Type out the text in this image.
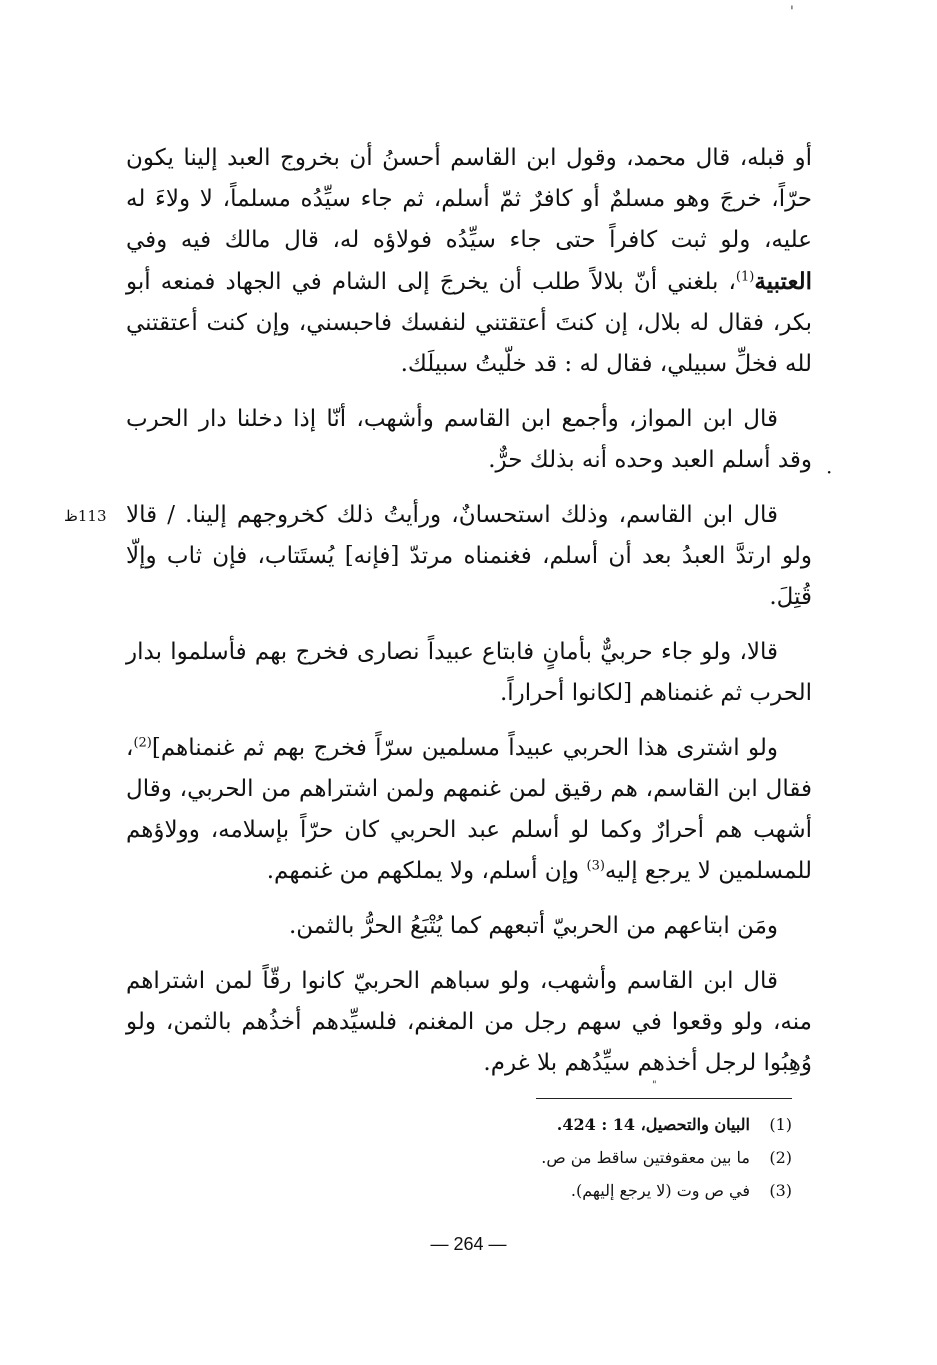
'

أو قبله، قال محمد، وقول ابن القاسم أحسنُ أن بخروج العبد إلينا يكون حرّاً، خرجَ وهو مسلمٌ أو كافرٌ ثمّ أسلم، ثم جاء سيِّدُه مسلماً، لا ولاءَ له عليه، ولو ثبت كافراً حتى جاء سيِّدُه فولاؤه له، قال مالك فيه وفي العتبية$^{(1)}$، بلغني أنّ بلالاً طلب أن يخرجَ إلى الشام في الجهاد فمنعه أبو بكر، فقال له بلال، إن كنتَ أعتقتني لنفسك فاحبسني، وإن كنت أعتقتني لله فخلِّ سبيلي، فقال له : قد خلّيتُ سبيلَك.

قال ابن المواز، وأجمع ابن القاسم وأشهب، أنّا إذا دخلنا دار الحرب وقد أسلم العبد وحده أنه بذلك حرٌّ.

قال ابن القاسم، وذلك استحسانٌ، ورأيتُ ذلك كخروجهم إلينا. / قالا ولو ارتدَّ العبدُ بعد أن أسلم، فغنمناه مرتدّ [فإنه] يُستَتاب، فإن ثاب وإلّا قُتِلَ.

قالا، ولو جاء حربيٌّ بأمانٍ فابتاع عبيداً نصارى فخرج بهم فأسلموا بدار الحرب ثم غنمناهم [لكانوا أحراراً.

ولو اشترى هذا الحربي عبيداً مسلمين سرّاً فخرج بهم ثم غنمناهم]$^{(2)}$، فقال ابن القاسم، هم رقيق لمن غنمهم ولمن اشتراهم من الحربي، وقال أشهب هم أحرارٌ وكما لو أسلم عبد الحربي كان حرّاً بإسلامه، وولاؤهم للمسلمين لا يرجع إليه$^{(3)}$ وإن أسلم، ولا يملكهم من غنمهم.

ومَن ابتاعهم من الحربيّ أتبعهم كما يُتْبَعُ الحرُّ بالثمن.

قال ابن القاسم وأشهب، ولو سباهم الحربيّ كانوا رقّاً لمن اشتراهم منه، ولو وقعوا في سهم رجل من المغنم، فلسيِّدهم أخذُهم بالثمن، ولو وُهِبُوا لرجل أخذهم سيِّدُهم بلا غرم.

113ظ
·
"
(1)
البيان والتحصيل، 14 : 424.
(2)
ما بين معقوفتين ساقط من ص.
(3)
في ص وت (لا يرجع إليهم).
— 264 —
